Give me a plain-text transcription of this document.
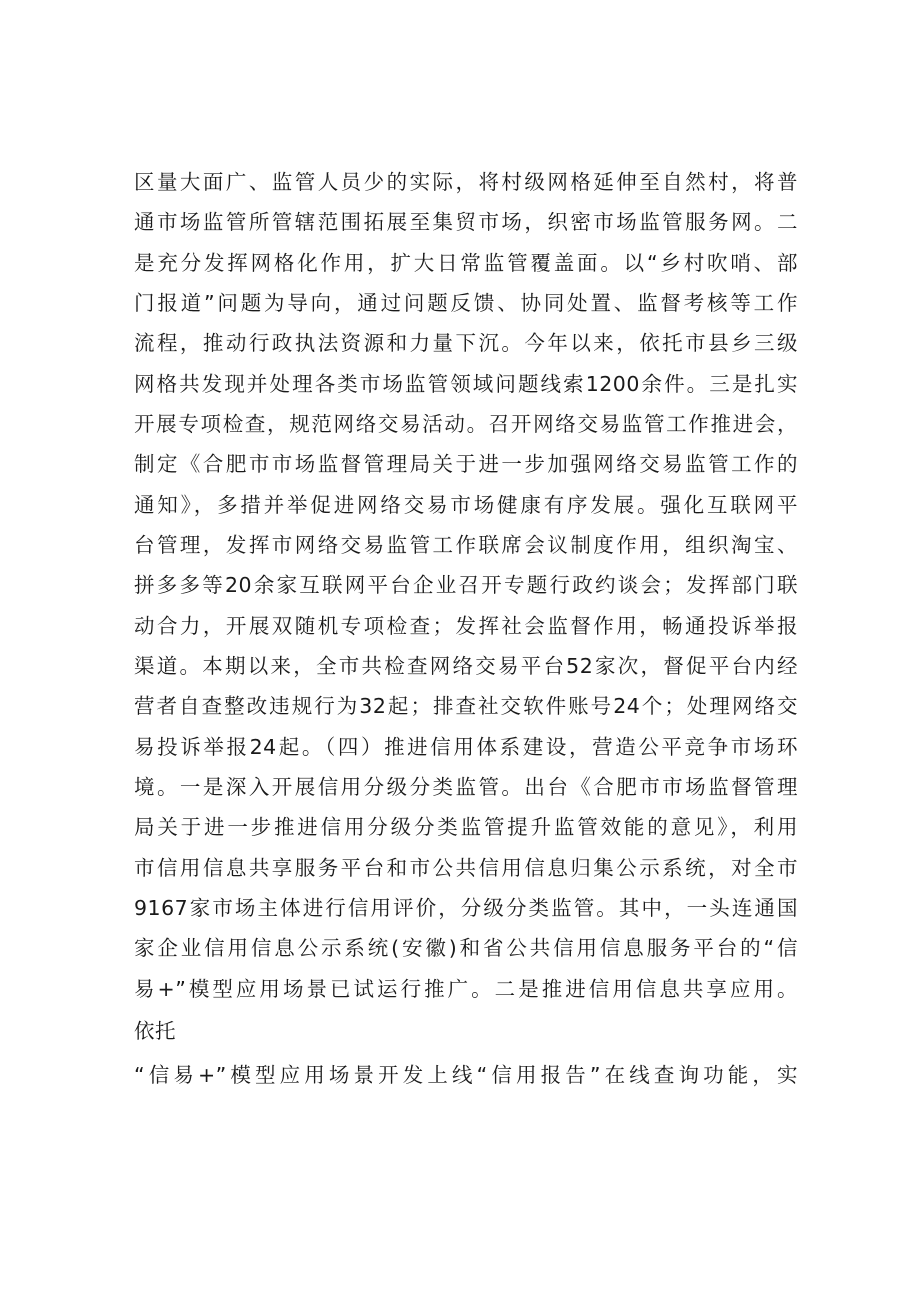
区量大面广、监管人员少的实际，将村级网格延伸至自然村，将普
通市场监管所管辖范围拓展至集贸市场，织密市场监管服务网。二
是充分发挥网格化作用，扩大日常监管覆盖面。以“乡村吹哨、部
门报道”问题为导向，通过问题反馈、协同处置、监督考核等工作
流程，推动行政执法资源和力量下沉。今年以来，依托市县乡三级
网格共发现并处理各类市场监管领域问题线索1200余件。三是扎实
开展专项检查，规范网络交易活动。召开网络交易监管工作推进会，
制定《合肥市市场监督管理局关于进一步加强网络交易监管工作的
通知》，多措并举促进网络交易市场健康有序发展。强化互联网平
台管理，发挥市网络交易监管工作联席会议制度作用，组织淘宝、
拼多多等20余家互联网平台企业召开专题行政约谈会；发挥部门联
动合力，开展双随机专项检查；发挥社会监督作用，畅通投诉举报
渠道。本期以来，全市共检查网络交易平台52家次，督促平台内经
营者自查整改违规行为32起；排查社交软件账号24个；处理网络交
易投诉举报24起。（四）推进信用体系建设，营造公平竞争市场环
境。一是深入开展信用分级分类监管。出台《合肥市市场监督管理
局关于进一步推进信用分级分类监管提升监管效能的意见》，利用
市信用信息共享服务平台和市公共信用信息归集公示系统，对全市
9167家市场主体进行信用评价，分级分类监管。其中，一头连通国
家企业信用信息公示系统(安徽)和省公共信用信息服务平台的“信
易+”模型应用场景已试运行推广。二是推进信用信息共享应用。
依托
“信易+”模型应用场景开发上线“信用报告”在线查询功能，实
